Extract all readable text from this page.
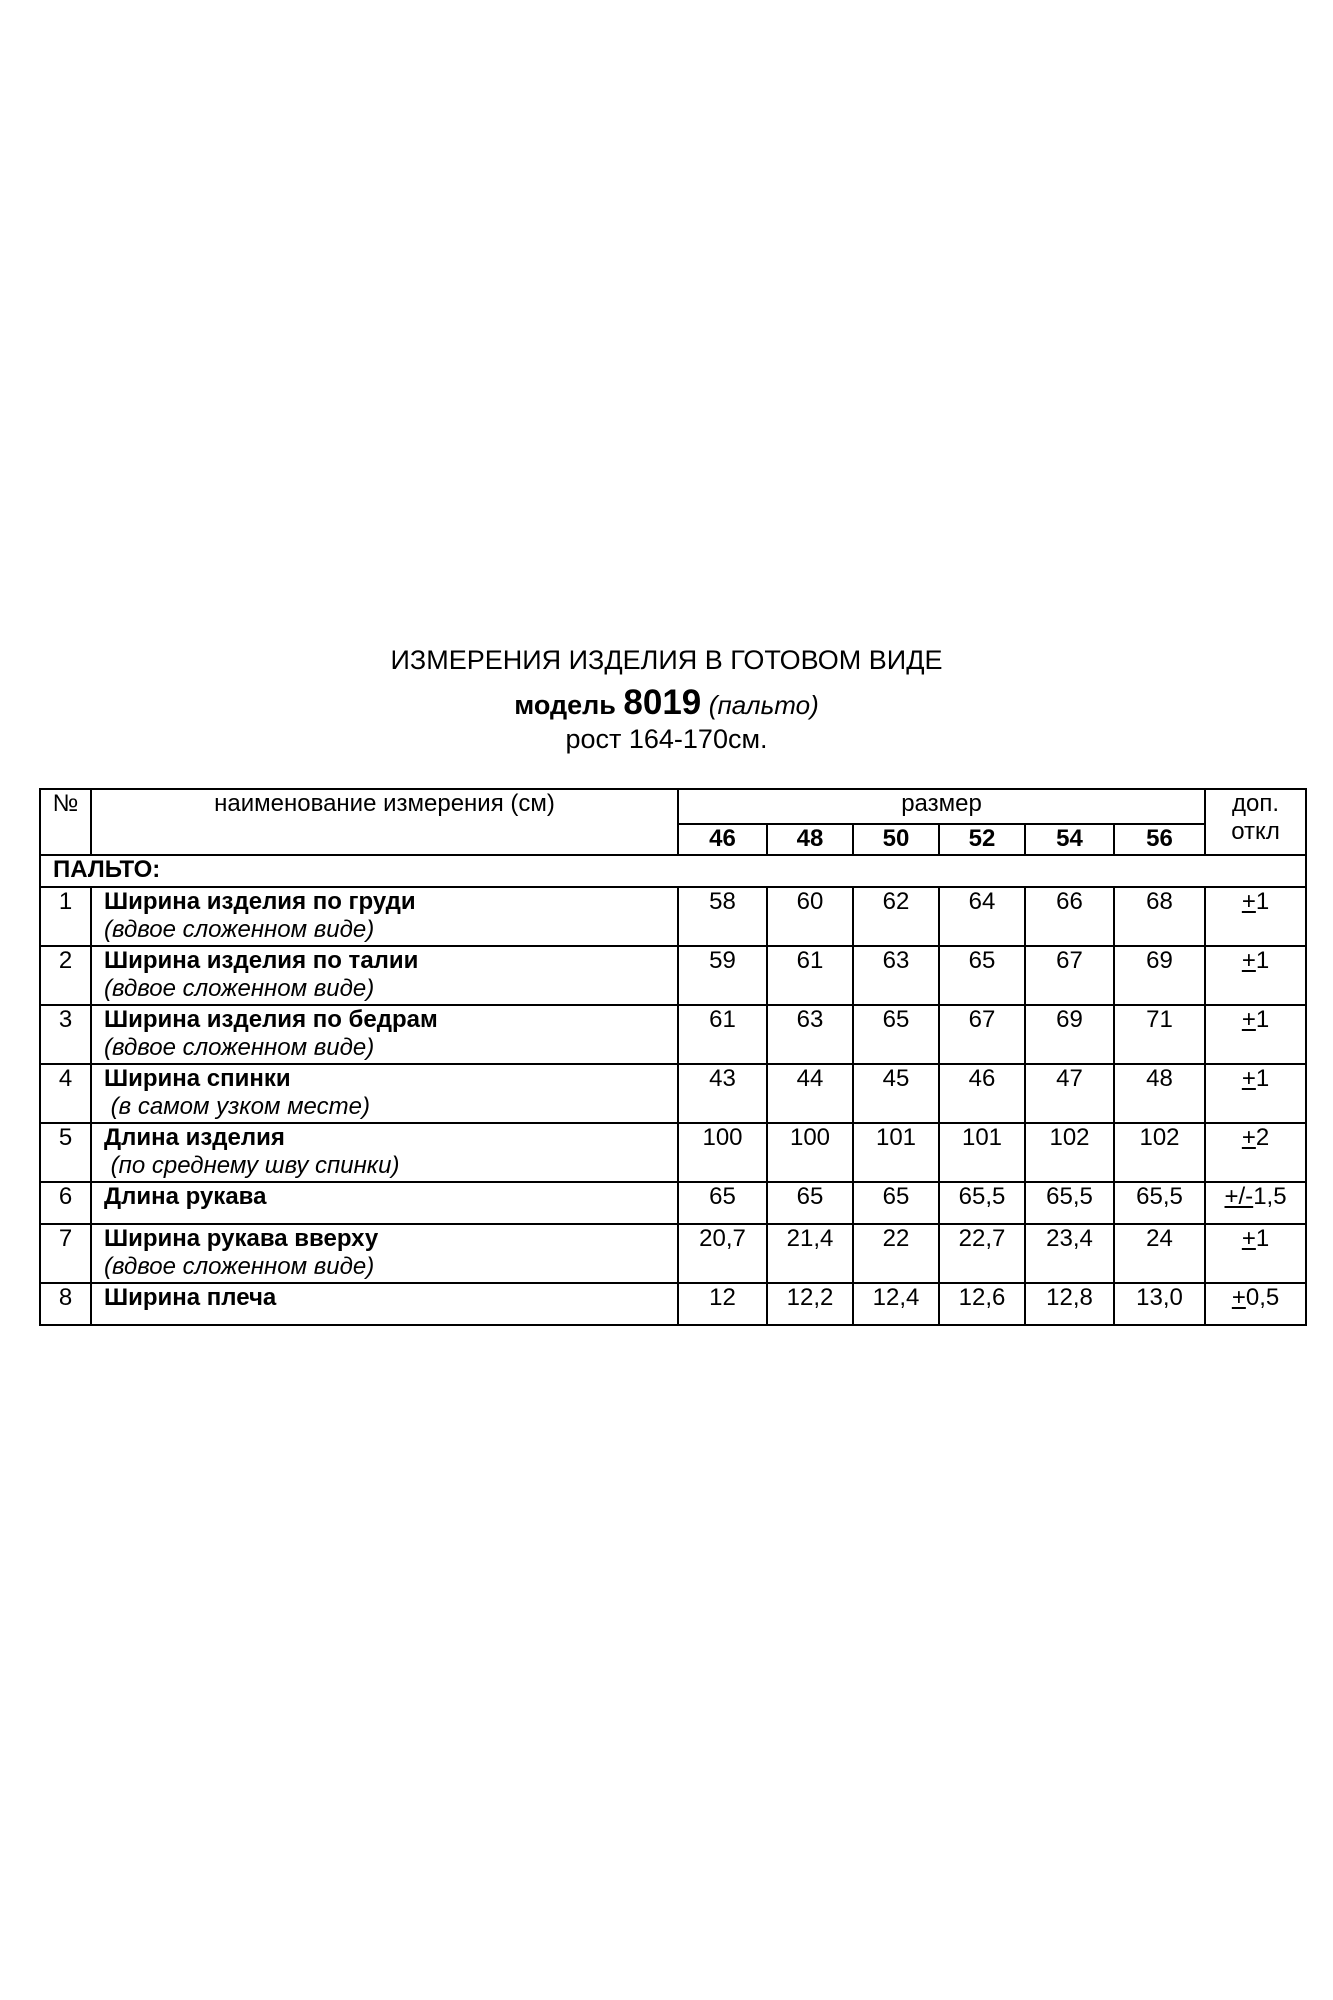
ИЗМЕРЕНИЯ ИЗДЕЛИЯ В ГОТОВОМ ВИДЕ
модель 8019 (пальто)
рост 164-170см.
№	наименование измерения (см)	размер						доп.
откл
		46	48	50	52	54	56	
ПАЛЬТО:								
1	Ширина изделия по груди
(вдвое сложенном виде)	58	60	62	64	66	68	+1
2	Ширина изделия по талии
(вдвое сложенном виде)	59	61	63	65	67	69	+1
3	Ширина изделия по бедрам
(вдвое сложенном виде)	61	63	65	67	69	71	+1
4	Ширина спинки
(в самом узком месте)	43	44	45	46	47	48	+1
5	Длина изделия
(по среднему шву спинки)	100	100	101	101	102	102	+2
6	Длина рукава	65	65	65	65,5	65,5	65,5	+/-1,5
7	Ширина рукава вверху
(вдвое сложенном виде)	20,7	21,4	22	22,7	23,4	24	+1
8	Ширина плеча	12	12,2	12,4	12,6	12,8	13,0	+0,5
